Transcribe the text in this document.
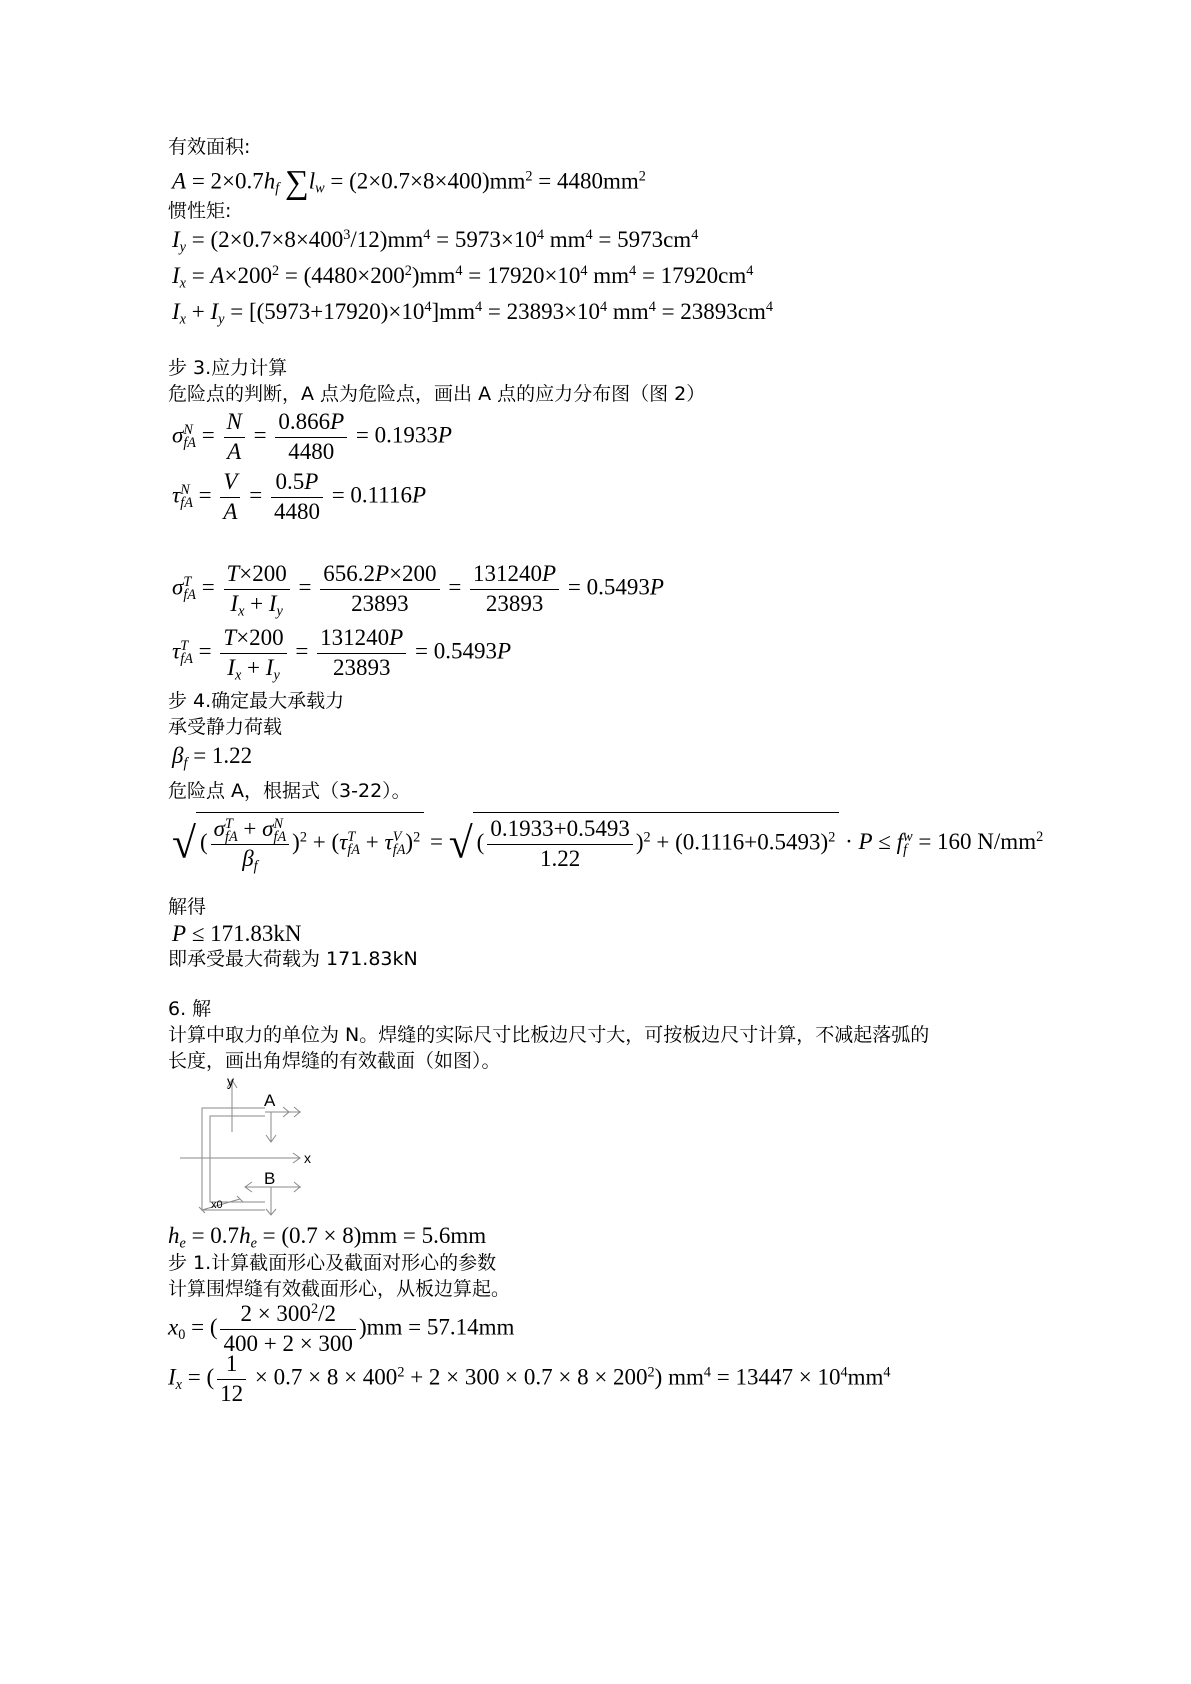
有效面积:
$A = 2\times 0.7h_f$ $\sum l_w = (2\times 0.7\times 8\times 400)mm^2 = 4480mm^2$
惯性矩:
$I_y = (2\times 0.7\times 8\times 400^3/12)mm^4 = 5973\times 10^4$ $mm^4 = 5973cm^4$
$I_x = A\times 200^2 = (4480\times 200^2)mm^4 = 17920\times 10^4$ $mm^4 = 17920cm^4$
$I_x + I_y = [(5973+17920)\times 10^4]mm^4 = 23893\times 10^4$ $mm^4 = 23893cm^4$
步 3.应力计算
危险点的判断，A 点为危险点，画出 A 点的应力分布图（图 2）
σ N
fA = $\frac{N}{A} = \frac{0.866P}{4480} = 0.1933P$
τ N
fA = $\frac{V}{A} = \frac{0.5P}{4480} = 0.1116P$
σ T
fA = $\frac{T\times 200}{I_x + I_y} = \frac{656.2P\times 200}{23893} = \frac{131240P}{23893} = 0.5493P$
τ T
fA = $\frac{T\times 200}{I_x + I_y} = \frac{131240P}{23893} = 0.5493P$
步 4.确定最大承载力
承受静力荷载
$\beta_f = 1.22$
危险点 A，根据式（3-22）。
√ (
σ T
fA + σ N
fA
$\beta_f$
)$^2$ + (τ T
fA + τ V
fA )$^2$ = √ ( $\frac{0.1933+0.5493}{1.22} )^2 + (0.1116+0.5493)^2 \cdot P \le f$ w
f = 160 $N/mm^2$
解得
P ≤ 171.83kN
即承受最大荷载为 171.83kN
6. 解
计算中取力的单位为 N。焊缝的实际尺寸比板边尺寸大，可按板边尺寸计算，不减起落弧的
长度，画出角焊缝的有效截面（如图）。
y
x
A
B
x0
$h_e = 0.7h_e = (0.7 \times 8)mm = 5.6mm$
步 1.计算截面形心及截面对形心的参数
计算围焊缝有效截面形心，从板边算起。
$x_0$ = ( $\frac{2 \times 300^2/2}{400 + 2 \times 300} )mm = 57.14mm$
$I_x$ = ( $\frac{1}{12} \times 0.7 \times 8 \times 400^2 + 2 \times 300 \times 0.7 \times 8 \times 200^2$) $mm^4 = 13447 \times 10^4mm^4$
